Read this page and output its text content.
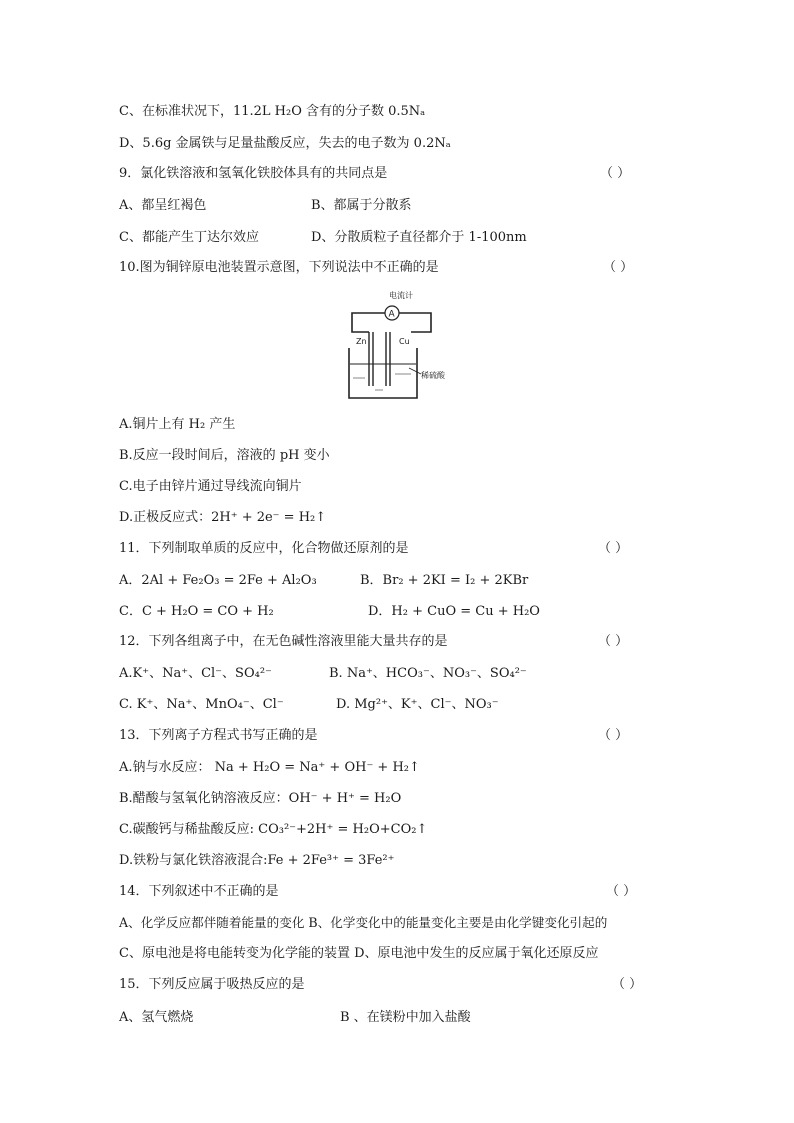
C、在标准状况下，11.2L H₂O 含有的分子数 0.5Nₐ
D、5.6g 金属铁与足量盐酸反应，失去的电子数为 0.2Nₐ
9．氯化铁溶液和氢氧化铁胶体具有的共同点是	（ ）
A、都呈红褐色	B、都属于分散系
C、都能产生丁达尔效应	D、分散质粒子直径都介于 1-100nm
10.图为铜锌原电池装置示意图，下列说法中不正确的是	（ ）
电流计
A
Zn	Cu
稀硫酸
A.铜片上有 H₂ 产生
B.反应一段时间后，溶液的 pH 变小
C.电子由锌片通过导线流向铜片
D.正极反应式：2H⁺ + 2e⁻ = H₂↑
11．下列制取单质的反应中，化合物做还原剂的是	（ ）
A．2Al + Fe₂O₃ = 2Fe + Al₂O₃	B．Br₂ + 2KI = I₂ + 2KBr
C．C + H₂O = CO + H₂	D．H₂ + CuO = Cu + H₂O
12．下列各组离子中，在无色碱性溶液里能大量共存的是	（ ）
A.K⁺、Na⁺、Cl⁻、SO₄²⁻	B. Na⁺、HCO₃⁻、NO₃⁻、SO₄²⁻
C. K⁺、Na⁺、MnO₄⁻、Cl⁻	D. Mg²⁺、K⁺、Cl⁻、NO₃⁻
13．下列离子方程式书写正确的是	（ ）
A.钠与水反应： Na + H₂O = Na⁺ + OH⁻ + H₂↑
B.醋酸与氢氧化钠溶液反应：OH⁻ + H⁺ = H₂O
C.碳酸钙与稀盐酸反应: CO₃²⁻+2H⁺ = H₂O+CO₂↑
D.铁粉与氯化铁溶液混合:Fe + 2Fe³⁺ = 3Fe²⁺
14．下列叙述中不正确的是	（ ）
A、化学反应都伴随着能量的变化 B、化学变化中的能量变化主要是由化学键变化引起的
C、原电池是将电能转变为化学能的装置 D、原电池中发生的反应属于氧化还原反应
15．下列反应属于吸热反应的是	（ ）
A、氢气燃烧	B 、在镁粉中加入盐酸
